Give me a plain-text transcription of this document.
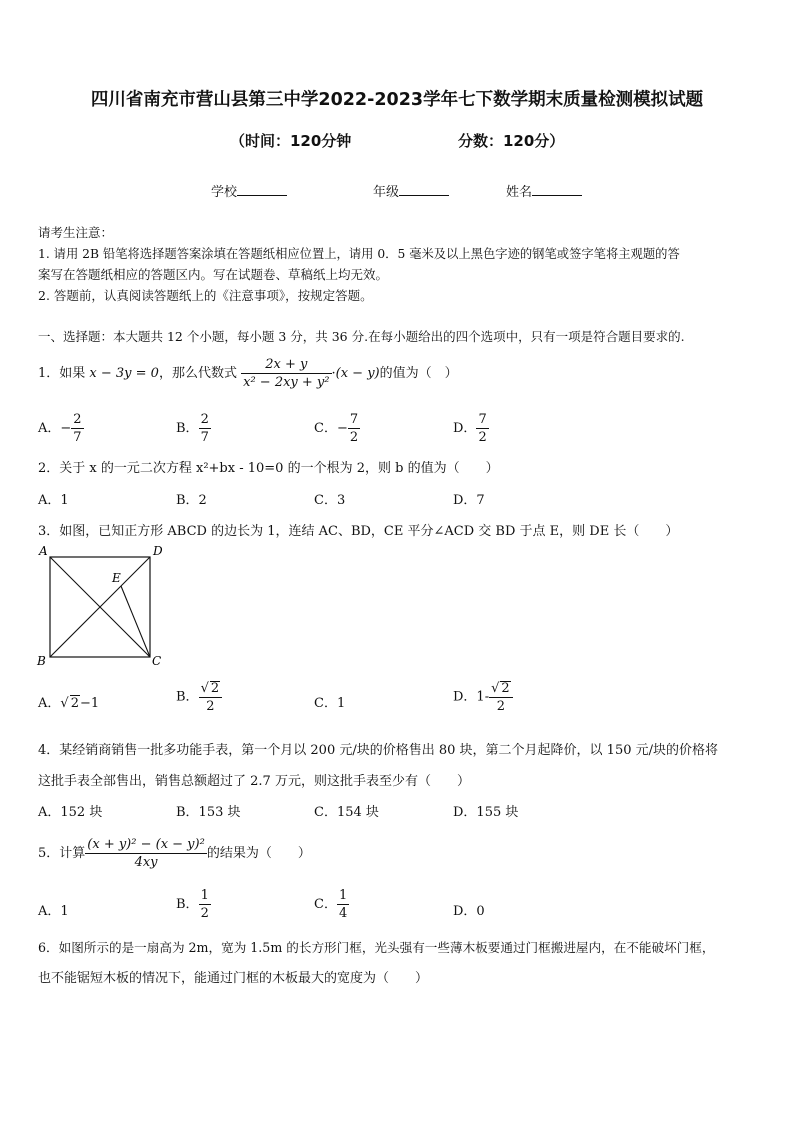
四川省南充市营山县第三中学2022-2023学年七下数学期末质量检测模拟试题
（时间：120分钟	分数：120分）
学校	年级	姓名
请考生注意：
1. 请用 2B 铅笔将选择题答案涂填在答题纸相应位置上，请用 0．5 毫米及以上黑色字迹的钢笔或签字笔将主观题的答
案写在答题纸相应的答题区内。写在试题卷、草稿纸上均无效。
2. 答题前，认真阅读答题纸上的《注意事项》，按规定答题。
一、选择题：本大题共 12 个小题，每小题 3 分，共 36 分.在每小题给出的四个选项中，只有一项是符合题目要求的.
1．如果 x − 3y = 0，那么代数式 $\frac{2x + y}{\text{x² − 2xy + y²}} \cdot(x - y)$的值为（　）
A．− $\frac{2}{7}$	B． $\frac{2}{7}$	C．− $\frac{7}{2}$	D． $\frac{7}{2}$
2．关于 x 的一元二次方程 x²+bx - 10=0 的一个根为 2，则 b 的值为（　　）
A．1	B．2	C．3	D．7
3．如图，已知正方形 ABCD 的边长为 1，连结 AC、BD，CE 平分∠ACD 交 BD 于点 E，则 DE 长（　　）
A	D
B	C
E
A．√ 2−1	B． $\frac{√ 2}{2}$	C．1	D．$1- \frac{√ 2}{2}$
4．某经销商销售一批多功能手表，第一个月以 200 元/块的价格售出 80 块，第二个月起降价，以 150 元/块的价格将
这批手表全部售出，销售总额超过了 2.7 万元，则这批手表至少有（　　）
A．152 块	B．153 块	C．154 块	D．155 块
5．计算 $\frac{\text{(x + y)² − (x − y)²}}{4xy}$ 的结果为（　　）
A．1	B． $\frac{1}{2}$	C． $\frac{1}{4}$	D．0
6．如图所示的是一扇高为 2m，宽为 1.5m 的长方形门框，光头强有一些薄木板要通过门框搬进屋内，在不能破坏门框，
也不能锯短木板的情况下，能通过门框的木板最大的宽度为（　　）
